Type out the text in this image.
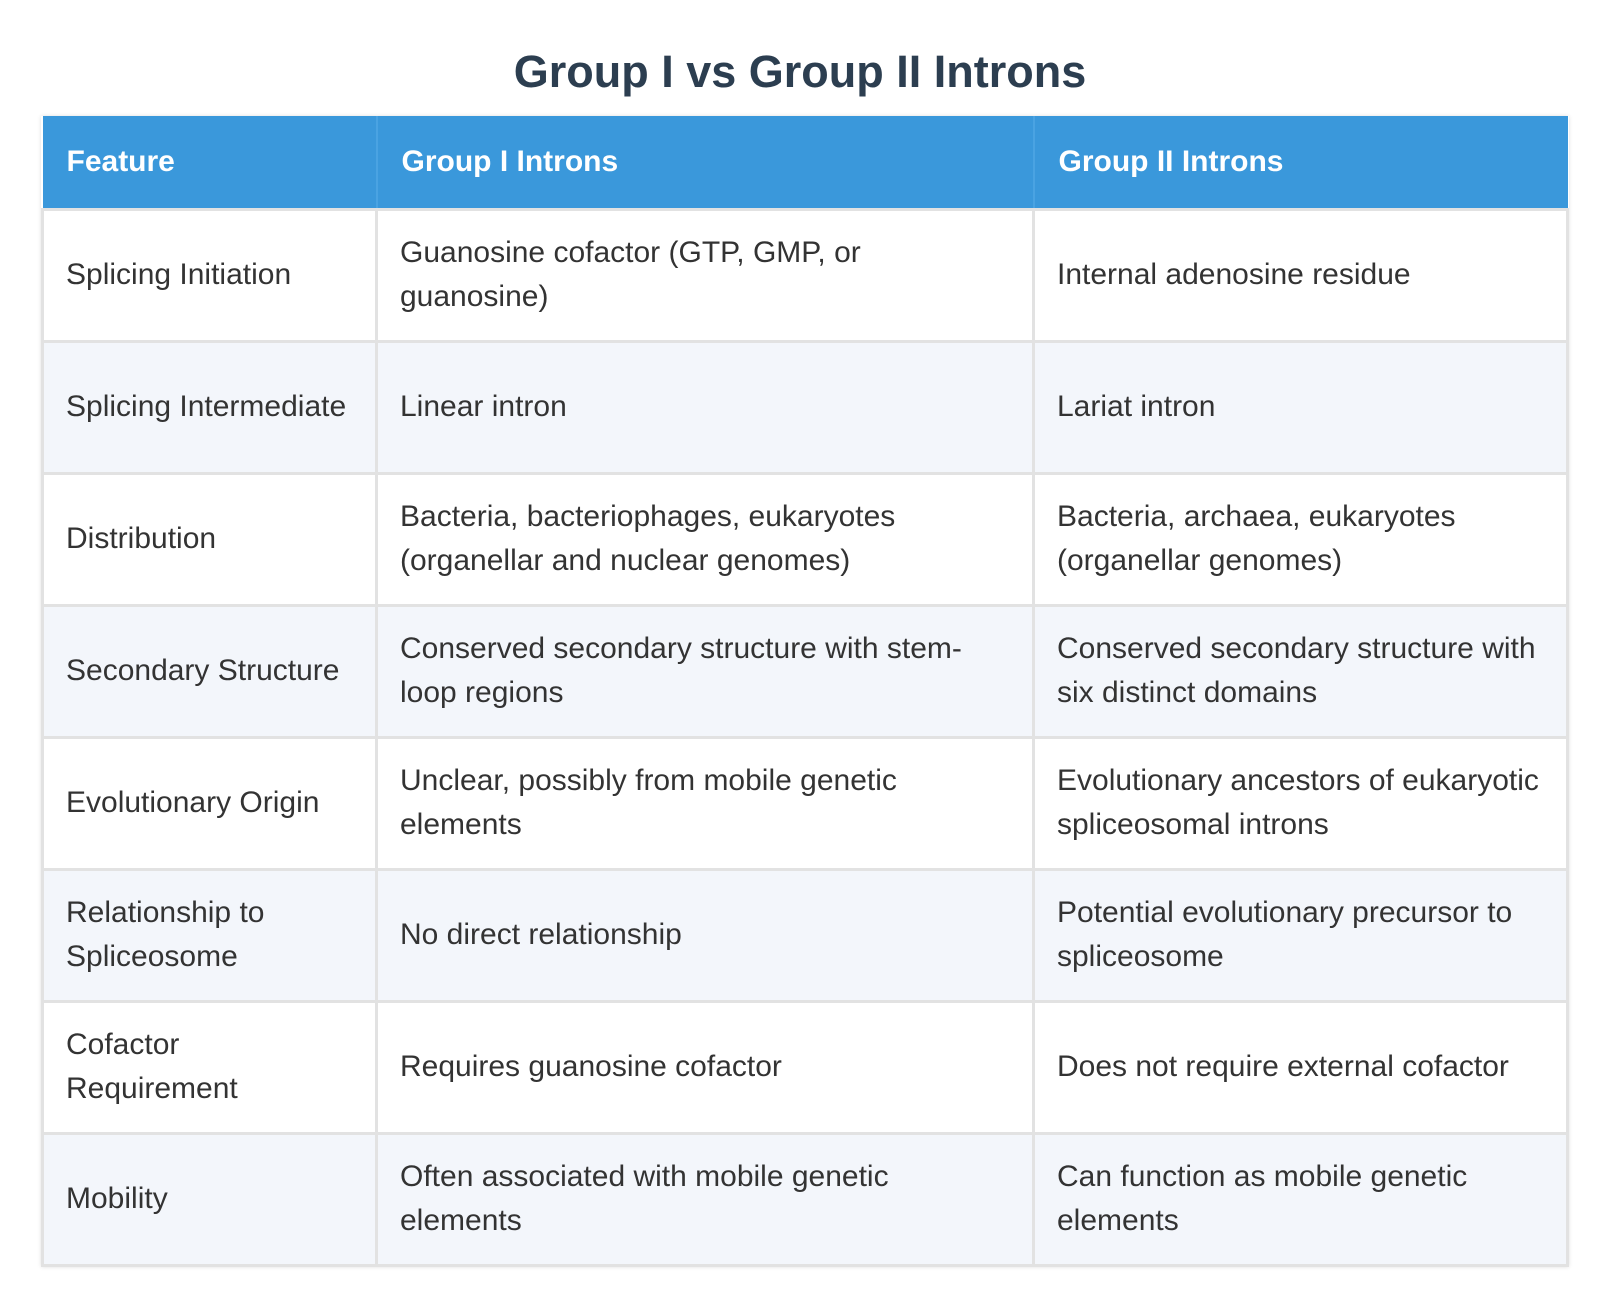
Group I vs Group II Introns
Feature	Group I Introns	Group II Introns
Splicing Initiation	Guanosine cofactor (GTP, GMP, or guanosine)	Internal adenosine residue
Splicing Intermediate	Linear intron	Lariat intron
Distribution	Bacteria, bacteriophages, eukaryotes (organellar and nuclear genomes)	Bacteria, archaea, eukaryotes (organellar genomes)
Secondary Structure	Conserved secondary structure with stem-loop regions	Conserved secondary structure with six distinct domains
Evolutionary Origin	Unclear, possibly from mobile genetic elements	Evolutionary ancestors of eukaryotic spliceosomal introns
Relationship to Spliceosome	No direct relationship	Potential evolutionary precursor to spliceosome
Cofactor Requirement	Requires guanosine cofactor	Does not require external cofactor
Mobility	Often associated with mobile genetic elements	Can function as mobile genetic elements
